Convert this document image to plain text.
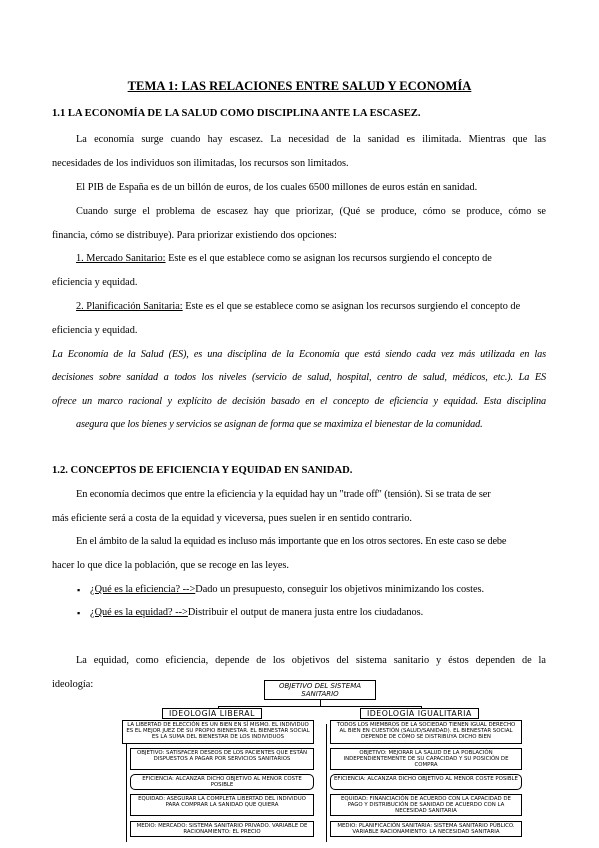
TEMA 1: LAS RELACIONES ENTRE SALUD Y ECONOMÍA
1.1 LA ECONOMÍA DE LA SALUD COMO DISCIPLINA ANTE LA ESCASEZ.
La economía surge cuando hay escasez. La necesidad de la sanidad es ilimitada. Mientras que las
necesidades de los individuos son ilimitadas, los recursos son limitados.
El PIB de España es de un billón de euros, de los cuales 6500 millones de euros están en sanidad.
Cuando surge el problema de escasez hay que priorizar, (Qué se produce, cómo se produce, cómo se
financia, cómo se distribuye). Para priorizar existiendo dos opciones:
1. Mercado Sanitario: Este es el que establece como se asignan los recursos surgiendo el concepto de
eficiencia y equidad.
2. Planificación Sanitaria: Este es el que se establece como se asignan los recursos surgiendo el concepto de
eficiencia y equidad.
La Economía de la Salud (ES), es una disciplina de la Economía que está siendo cada vez más utilizada en las
decisiones sobre sanidad a todos los niveles (servicio de salud, hospital, centro de salud, médicos, etc.). La ES
ofrece un marco racional y explícito de decisión basado en el concepto de eficiencia y equidad. Esta disciplina
asegura que los bienes y servicios se asignan de forma que se maximiza el bienestar de la comunidad.
1.2. CONCEPTOS DE EFICIENCIA Y EQUIDAD EN SANIDAD.
En economía decimos que entre la eficiencia y la equidad hay un "trade off" (tensión). Si se trata de ser
más eficiente será a costa de la equidad y viceversa, pues suelen ir en sentido contrario.
En el ámbito de la salud la equidad es incluso más importante que en los otros sectores. En este caso se debe
hacer lo que dice la población, que se recoge en las leyes.
▪ ¿Qué es la eficiencia? -->Dado un presupuesto, conseguir los objetivos minimizando los costes.
▪ ¿Qué es la equidad? -->Distribuir el output de manera justa entre los ciudadanos.
La equidad, como eficiencia, depende de los objetivos del sistema sanitario y éstos dependen de la
ideología:	OBJETIVO DEL SISTEMA SANITARIO
IDEOLOGÍA LIBERAL	IDEOLOGÍA IGUALITARIA
LA LIBERTAD DE ELECCIÓN ES UN BIEN EN SÍ MISMO. EL INDIVIDUO ES EL MEJOR JUEZ DE SU PROPIO BIENESTAR. EL BIENESTAR SOCIAL ES LA SUMA DEL BIENESTAR DE LOS INDIVIDUOS
OBJETIVO: SATISFACER DESEOS DE LOS PACIENTES QUE ESTÁN DISPUESTOS A PAGAR POR SERVICIOS SANITARIOS
EFICIENCIA: ALCANZAR DICHO OBJETIVO AL MENOR COSTE POSIBLE
EQUIDAD: ASEGURAR LA COMPLETA LIBERTAD DEL INDIVIDUO PARA COMPRAR LA SANIDAD QUE QUIERA
MEDIO: MERCADO: SISTEMA SANITARIO PRIVADO. VARIABLE DE RACIONAMIENTO: EL PRECIO
TODOS LOS MIEMBROS DE LA SOCIEDAD TIENEN IGUAL DERECHO AL BIEN EN CUESTIÓN (SALUD/SANIDAD). EL BIENESTAR SOCIAL DEPENDE DE CÓMO SE DISTRIBUYA DICHO BIEN
OBJETIVO: MEJORAR LA SALUD DE LA POBLACIÓN INDEPENDIENTEMENTE DE SU CAPACIDAD Y SU POSICIÓN DE COMPRA
EFICIENCIA: ALCANZAR DICHO OBJETIVO AL MENOR COSTE POSIBLE
EQUIDAD: FINANCIACIÓN DE ACUERDO CON LA CAPACIDAD DE PAGO Y DISTRIBUCIÓN DE SANIDAD DE ACUERDO CON LA NECESIDAD SANITARIA
MEDIO: PLANIFICACIÓN SANITARIA: SISTEMA SANITARIO PÚBLICO. VARIABLE RACIONAMIENTO: LA NECESIDAD SANITARIA
